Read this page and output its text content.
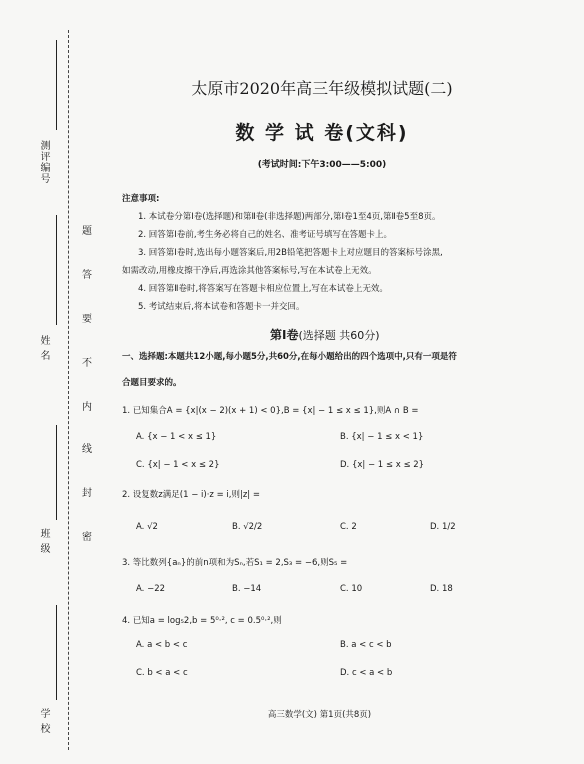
测评编号
姓 名
班 级
学 校
题
答
要
不
内
线
封
密
太原市2020年高三年级模拟试题(二)
数 学 试 卷(文科)
(考试时间:下午3:00——5:00)
注意事项:
1. 本试卷分第Ⅰ卷(选择题)和第Ⅱ卷(非选择题)两部分,第Ⅰ卷1至4页,第Ⅱ卷5至8页。
2. 回答第Ⅰ卷前,考生务必将自己的姓名、准考证号填写在答题卡上。
3. 回答第Ⅰ卷时,选出每小题答案后,用2B铅笔把答题卡上对应题目的答案标号涂黑,
如需改动,用橡皮擦干净后,再选涂其他答案标号,写在本试卷上无效。
4. 回答第Ⅱ卷时,将答案写在答题卡相应位置上,写在本试卷上无效。
5. 考试结束后,将本试卷和答题卡一并交回。
第Ⅰ卷(选择题 共60分)
一、选择题:本题共12小题,每小题5分,共60分,在每小题给出的四个选项中,只有一项是符
合题目要求的。
1. 已知集合A = {x|(x − 2)(x + 1) < 0},B = {x| − 1 ≤ x ≤ 1},则A ∩ B =
A. {x − 1 < x ≤ 1}	B. {x| − 1 ≤ x < 1}
C. {x| − 1 < x ≤ 2}	D. {x| − 1 ≤ x ≤ 2}
2. 设复数z满足(1 − i)·z = i,则|z| =
A. √2	B. √2/2	C. 2	D. 1/2
3. 等比数列{aₙ}的前n项和为Sₙ,若S₁ = 2,S₃ = −6,则S₅ =
A. −22	B. −14	C. 10	D. 18
4. 已知a = log₅2,b = 5⁰·², c = 0.5⁰·²,则
A. a < b < c	B. a < c < b
C. b < a < c	D. c < a < b
高三数学(文) 第1页(共8页)
